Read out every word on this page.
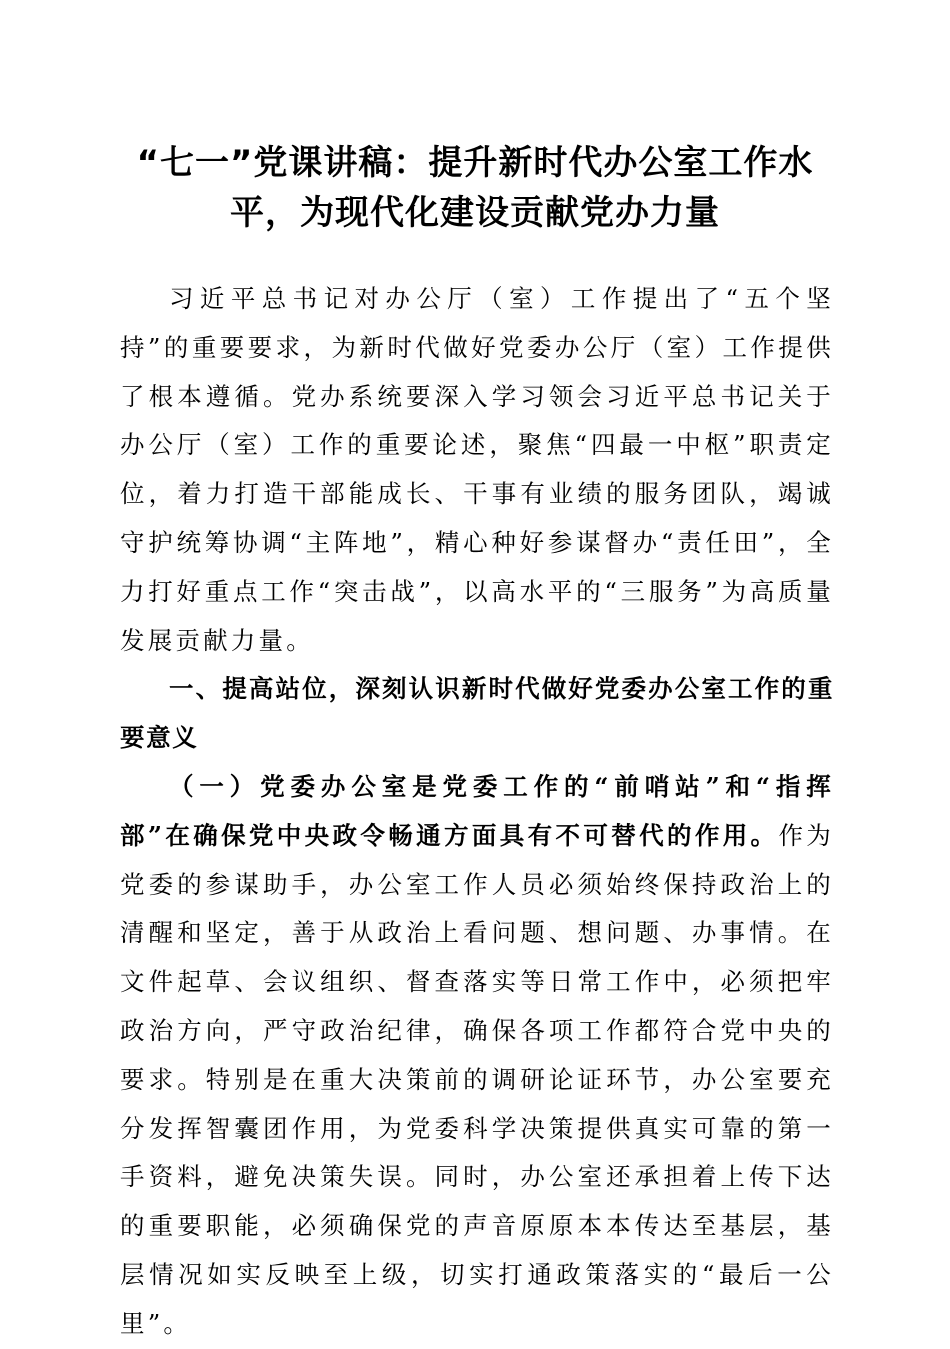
“七一”党课讲稿：提升新时代办公室工作水平，为现代化建设贡献党办力量

习近平总书记对办公厅（室）工作提出了“五个坚持”的重要要求，为新时代做好党委办公厅（室）工作提供了根本遵循。党办系统要深入学习领会习近平总书记关于办公厅（室）工作的重要论述，聚焦“四最一中枢”职责定位，着力打造干部能成长、干事有业绩的服务团队，竭诚守护统筹协调“主阵地”，精心种好参谋督办“责任田”，全力打好重点工作“突击战”，以高水平的“三服务”为高质量发展贡献力量。

一、提高站位，深刻认识新时代做好党委办公室工作的重要意义

（一）党委办公室是党委工作的“前哨站”和“指挥部”在确保党中央政令畅通方面具有不可替代的作用。作为党委的参谋助手，办公室工作人员必须始终保持政治上的清醒和坚定，善于从政治上看问题、想问题、办事情。在文件起草、会议组织、督查落实等日常工作中，必须把牢政治方向，严守政治纪律，确保各项工作都符合党中央的要求。特别是在重大决策前的调研论证环节，办公室要充分发挥智囊团作用，为党委科学决策提供真实可靠的第一手资料，避免决策失误。同时，办公室还承担着上传下达的重要职能，必须确保党的声音原原本本传达至基层，基层情况如实反映至上级，切实打通政策落实的“最后一公里”。
